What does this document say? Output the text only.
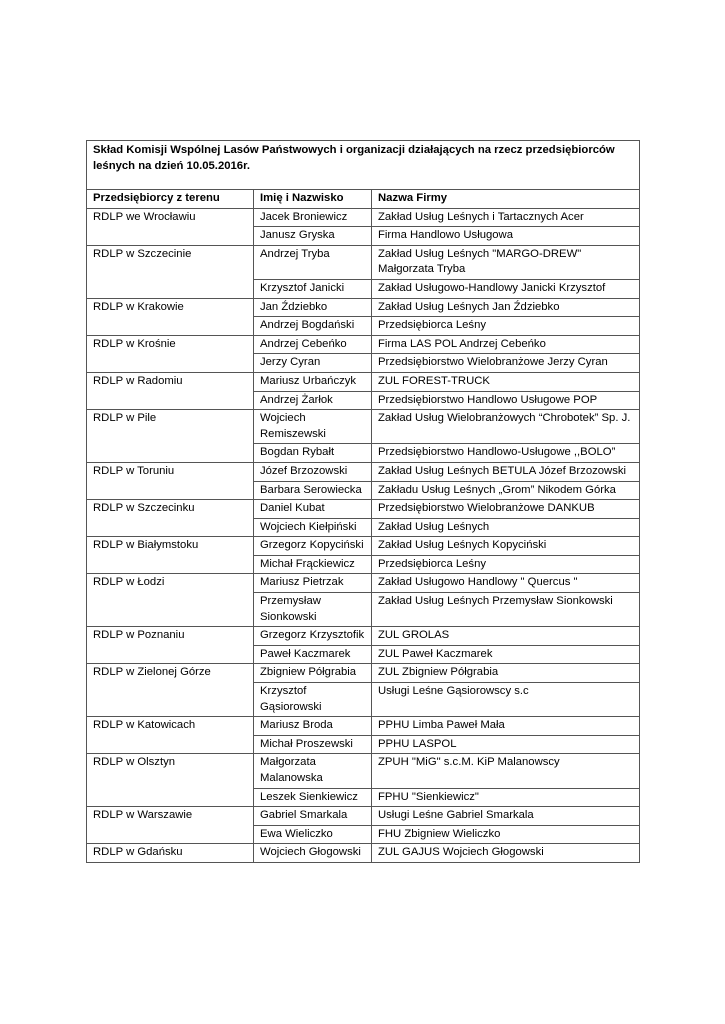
Skład Komisji Wspólnej Lasów Państwowych i organizacji działających na rzecz przedsiębiorców leśnych na dzień 10.05.2016r.		
Przedsiębiorcy z terenu	Imię i Nazwisko	Nazwa Firmy
RDLP we Wrocławiu	Jacek Broniewicz	Zakład Usług Leśnych i Tartacznych Acer
	Janusz Gryska	Firma Handlowo Usługowa
RDLP w Szczecinie	Andrzej Tryba	Zakład Usług Leśnych "MARGO-DREW" Małgorzata Tryba
	Krzysztof Janicki	Zakład Usługowo-Handlowy Janicki Krzysztof
RDLP w Krakowie	Jan Ździebko	Zakład Usług Leśnych Jan Ździebko
	Andrzej Bogdański	Przedsiębiorca Leśny
RDLP w Krośnie	Andrzej Cebeńko	Firma LAS POL Andrzej Cebeńko
	Jerzy Cyran	Przedsiębiorstwo Wielobranżowe Jerzy Cyran
RDLP w Radomiu	Mariusz Urbańczyk	ZUL FOREST-TRUCK
	Andrzej Żarłok	Przedsiębiorstwo Handlowo Usługowe POP
RDLP w Pile	Wojciech Remiszewski	Zakład Usług Wielobranżowych “Chrobotek” Sp. J.
	Bogdan Rybałt	Przedsiębiorstwo Handlowo-Usługowe ,,BOLO”
RDLP w Toruniu	Józef Brzozowski	Zakład Usług Leśnych BETULA Józef Brzozowski
	Barbara Serowiecka	Zakładu Usług Leśnych „Grom” Nikodem Górka
RDLP w Szczecinku	Daniel Kubat	Przedsiębiorstwo Wielobranżowe DANKUB
	Wojciech Kiełpiński	Zakład Usług Leśnych
RDLP w Białymstoku	Grzegorz Kopyciński	Zakład Usług Leśnych Kopyciński
	Michał Frąckiewicz	Przedsiębiorca Leśny
RDLP w Łodzi	Mariusz Pietrzak	Zakład Usługowo Handlowy " Quercus "
	Przemysław Sionkowski	Zakład Usług Leśnych Przemysław Sionkowski
RDLP w Poznaniu	Grzegorz Krzysztofik	ZUL GROLAS
	Paweł Kaczmarek	ZUL Paweł Kaczmarek
RDLP w Zielonej Górze	Zbigniew Półgrabia	ZUL Zbigniew Półgrabia
	Krzysztof Gąsiorowski	Usługi Leśne Gąsiorowscy s.c
RDLP w Katowicach	Mariusz Broda	PPHU Limba Paweł Mała
	Michał Proszewski	PPHU LASPOL
RDLP w Olsztyn	Małgorzata Malanowska	ZPUH "MiG" s.c.M. KiP Malanowscy
	Leszek Sienkiewicz	FPHU "Sienkiewicz"
RDLP w Warszawie	Gabriel Smarkala	Usługi Leśne Gabriel Smarkala
	Ewa Wieliczko	FHU Zbigniew Wieliczko
RDLP w Gdańsku	Wojciech Głogowski	ZUL GAJUS Wojciech Głogowski
